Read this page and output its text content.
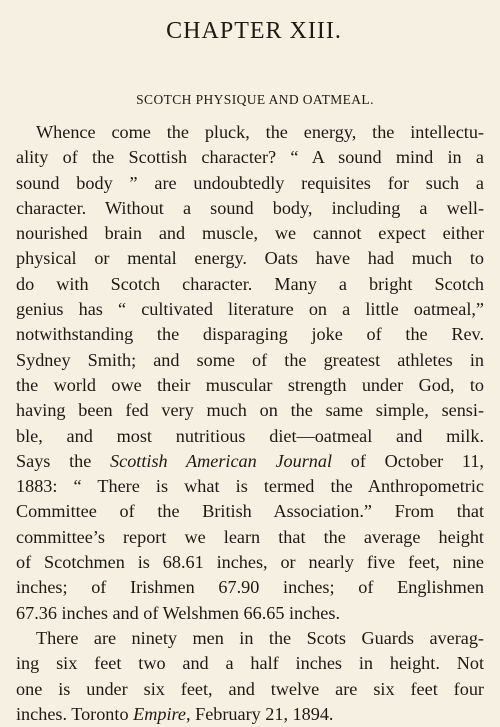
CHAPTER XIII.
SCOTCH PHYSIQUE AND OATMEAL.
Whence come the pluck, the energy, the intellectu-
ality of the Scottish character? “ A sound mind in a
sound body ” are undoubtedly requisites for such a
character. Without a sound body, including a well-
nourished brain and muscle, we cannot expect either
physical or mental energy. Oats have had much to
do with Scotch character. Many a bright Scotch
genius has “ cultivated literature on a little oatmeal,”
notwithstanding the disparaging joke of the Rev.
Sydney Smith; and some of the greatest athletes in
the world owe their muscular strength under God, to
having been fed very much on the same simple, sensi-
ble, and most nutritious diet—oatmeal and milk.
Says the Scottish American Journal of October 11,
1883: “ There is what is termed the Anthropometric
Committee of the British Association.” From that
committee’s report we learn that the average height
of Scotchmen is 68.61 inches, or nearly five feet, nine
inches; of Irishmen 67.90 inches; of Englishmen
67.36 inches and of Welshmen 66.65 inches.
There are ninety men in the Scots Guards averag-
ing six feet two and a half inches in height. Not
one is under six feet, and twelve are six feet four
inches. Toronto Empire, February 21, 1894.
